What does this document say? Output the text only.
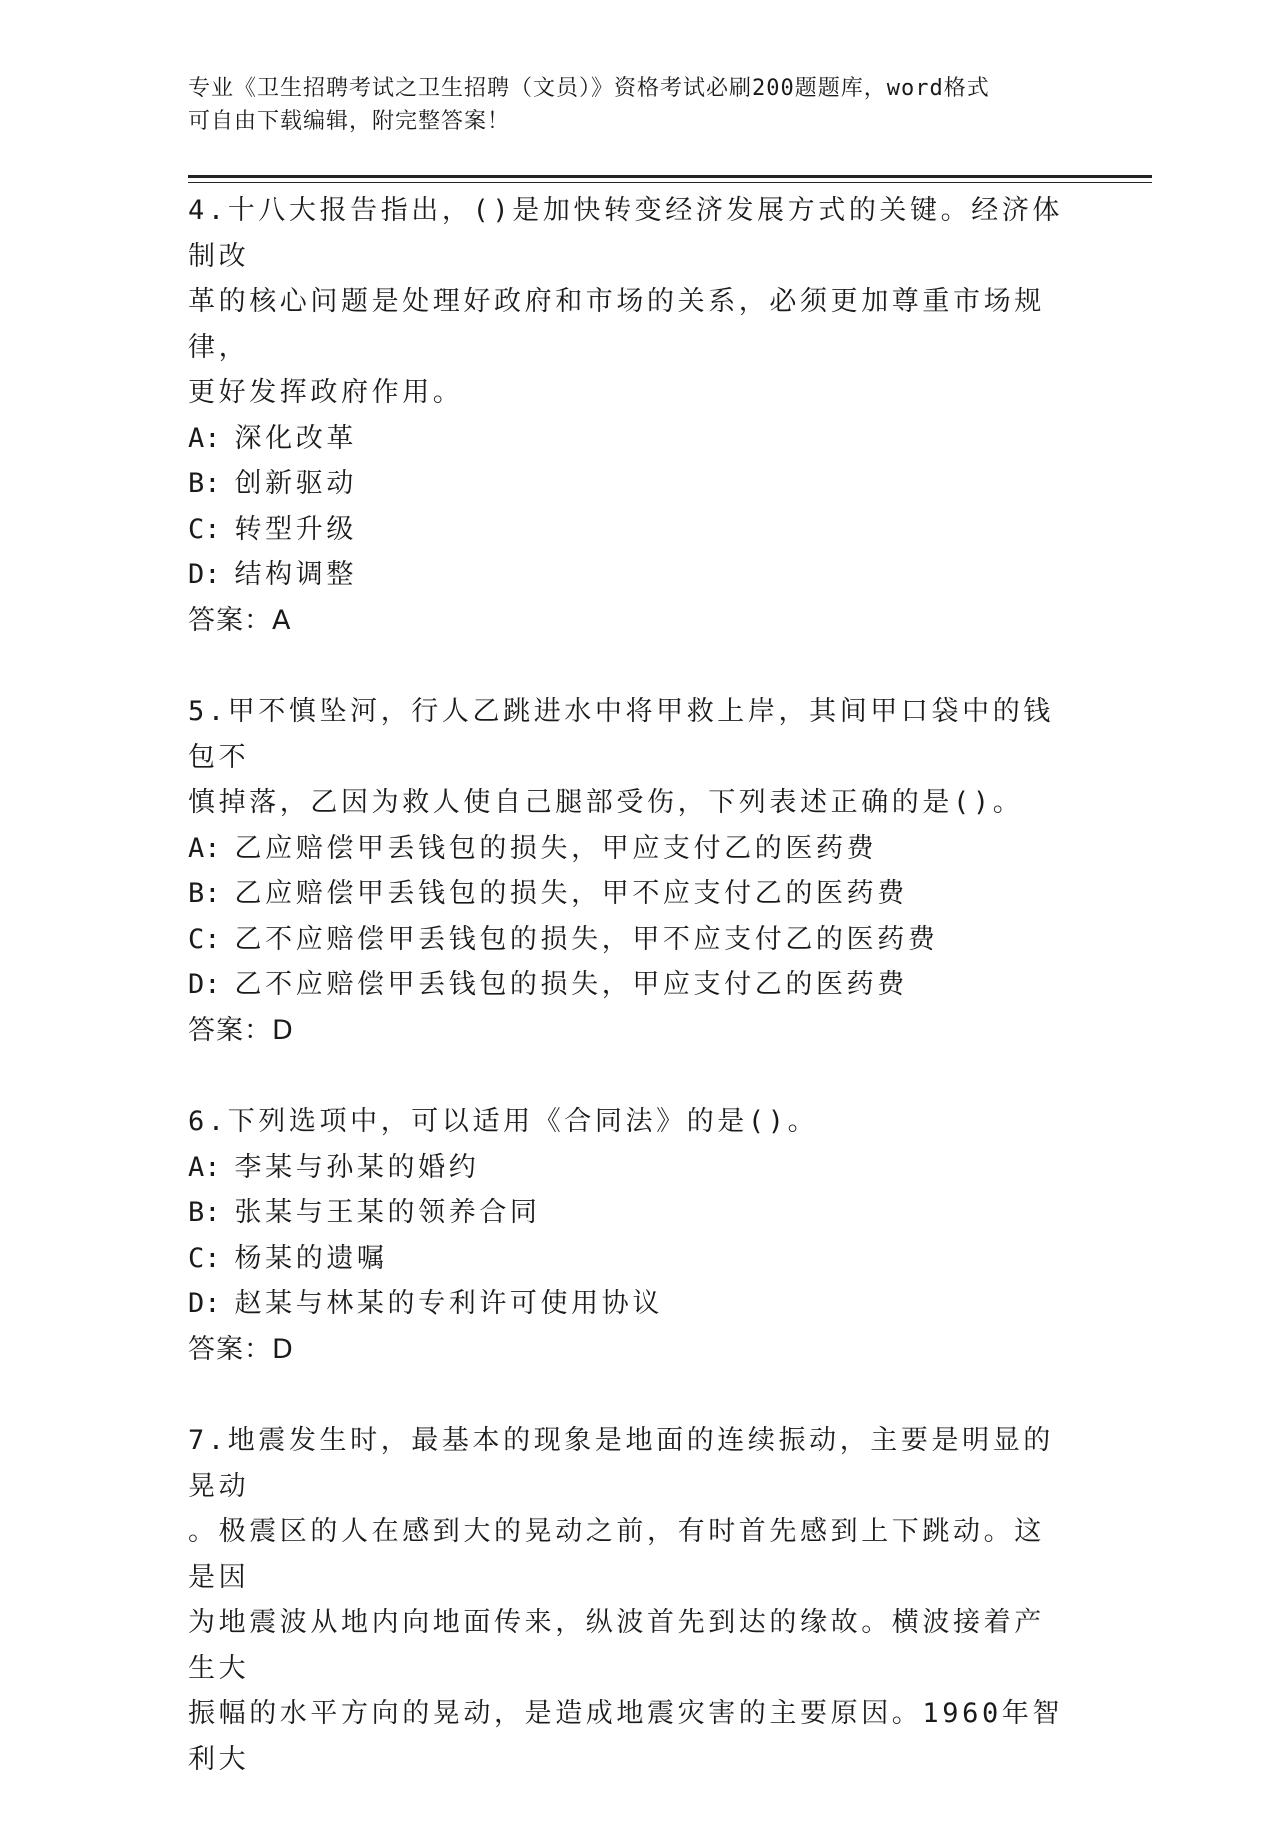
专业《卫生招聘考试之卫生招聘（文员）》资格考试必刷200题题库，word格式
可自由下载编辑，附完整答案！
4.十八大报告指出，()是加快转变经济发展方式的关键。经济体制改
革的核心问题是处理好政府和市场的关系，必须更加尊重市场规律，
更好发挥政府作用。
A: 深化改革
B: 创新驱动
C: 转型升级
D: 结构调整
答案：A
5.甲不慎坠河，行人乙跳进水中将甲救上岸，其间甲口袋中的钱包不
慎掉落，乙因为救人使自己腿部受伤，下列表述正确的是()。
A: 乙应赔偿甲丢钱包的损失，甲应支付乙的医药费
B: 乙应赔偿甲丢钱包的损失，甲不应支付乙的医药费
C: 乙不应赔偿甲丢钱包的损失，甲不应支付乙的医药费
D: 乙不应赔偿甲丢钱包的损失，甲应支付乙的医药费
答案：D
6.下列选项中，可以适用《合同法》的是()。
A: 李某与孙某的婚约
B: 张某与王某的领养合同
C: 杨某的遗嘱
D: 赵某与林某的专利许可使用协议
答案：D
7.地震发生时，最基本的现象是地面的连续振动，主要是明显的晃动
。极震区的人在感到大的晃动之前，有时首先感到上下跳动。这是因
为地震波从地内向地面传来，纵波首先到达的缘故。横波接着产生大
振幅的水平方向的晃动，是造成地震灾害的主要原因。1960年智利大
